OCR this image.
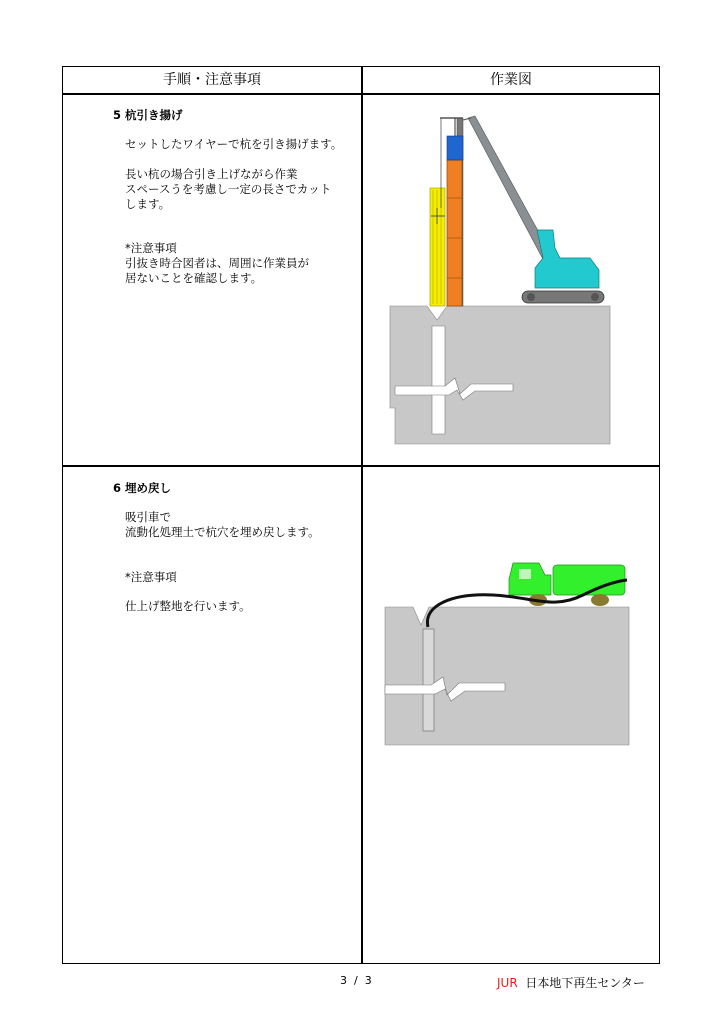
手順・注意事項	作業図
5 杭引き揚げ
セットしたワイヤーで杭を引き揚げます。
長い杭の場合引き上げながら作業
スペースうを考慮し一定の長さでカット
します。
*注意事項
引抜き時合図者は、周囲に作業員が
居ないことを確認します。
6 埋め戻し
吸引車で
流動化処理土で杭穴を埋め戻します。
*注意事項
仕上げ整地を行います。
3  /  3	JUR 日本地下再生センター
